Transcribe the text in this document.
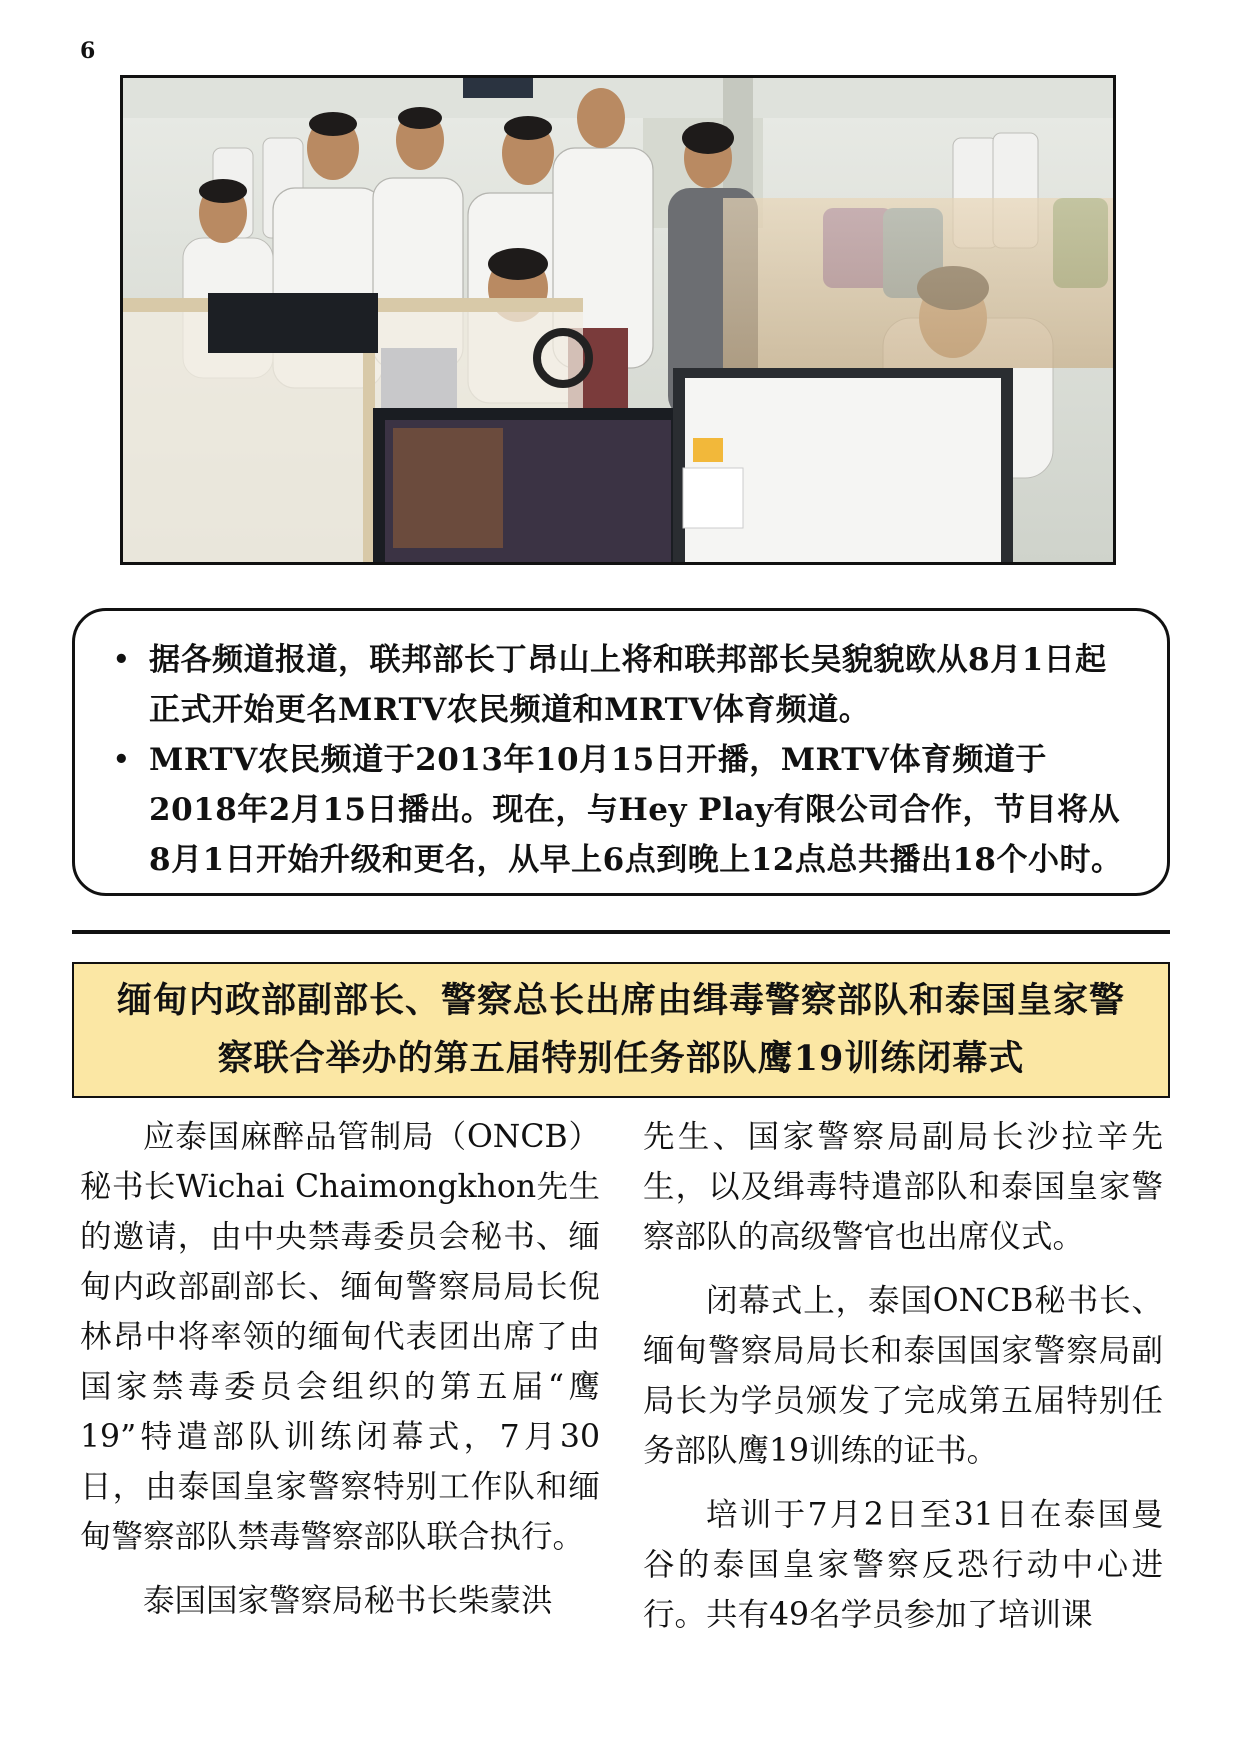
6
• 据各频道报道，联邦部长丁昂山上将和联邦部长吴貌貌欧从8月1日起正式开始更名MRTV农民频道和MRTV体育频道。
• MRTV农民频道于2013年10月15日开播，MRTV体育频道于2018年2月15日播出。现在，与Hey Play有限公司合作，节目将从8月1日开始升级和更名，从早上6点到晚上12点总共播出18个小时。
缅甸内政部副部长、警察总长出席由缉毒警察部队和泰国皇家警
察联合举办的第五届特别任务部队鹰19训练闭幕式

应泰国麻醉品管制局（ONCB）秘书长Wichai Chaimongkhon先生的邀请，由中央禁毒委员会秘书、缅甸内政部副部长、缅甸警察局局长倪林昂中将率领的缅甸代表团出席了由国家禁毒委员会组织的第五届“鹰19”特遣部队训练闭幕式，7月30日，由泰国皇家警察特别工作队和缅甸警察部队禁毒警察部队联合执行。

泰国国家警察局秘书长柴蒙洪

先生、国家警察局副局长沙拉辛先生，以及缉毒特遣部队和泰国皇家警察部队的高级警官也出席仪式。

闭幕式上，泰国ONCB秘书长、缅甸警察局局长和泰国国家警察局副局长为学员颁发了完成第五届特别任务部队鹰19训练的证书。

培训于7月2日至31日在泰国曼谷的泰国皇家警察反恐行动中心进行。共有49名学员参加了培训课
